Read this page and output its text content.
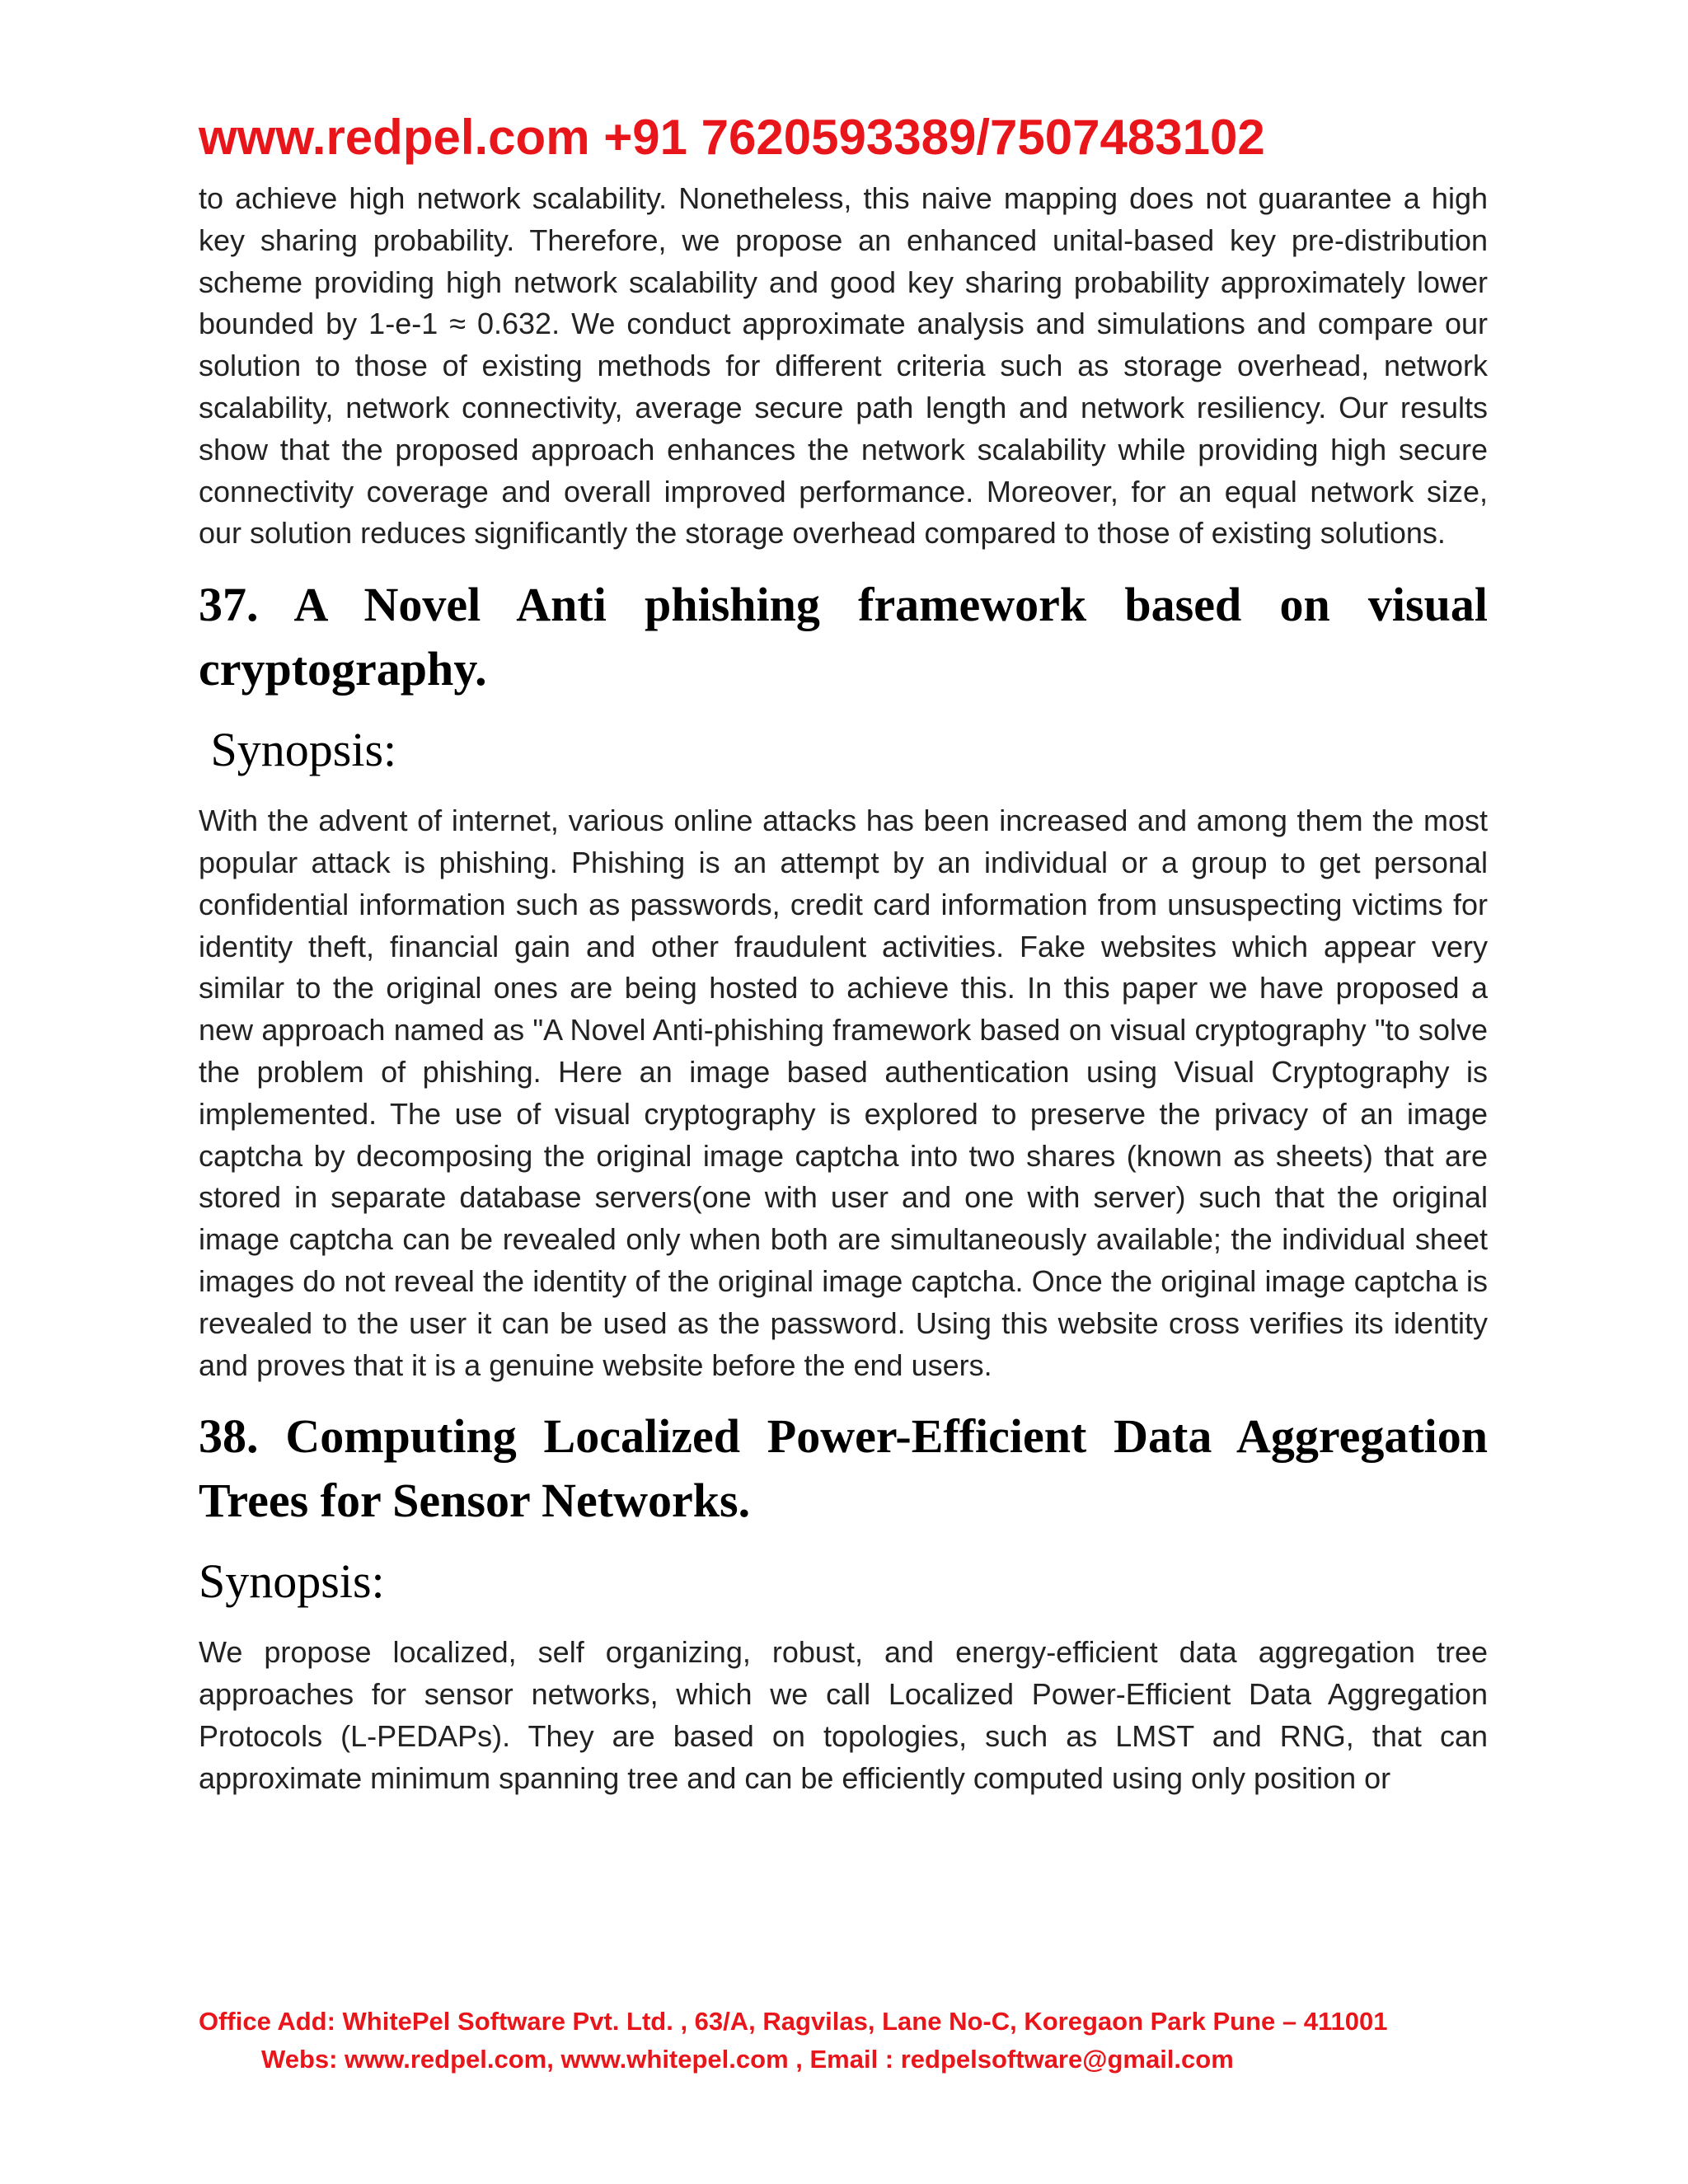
www.redpel.com +91 7620593389/7507483102

to achieve high network scalability. Nonetheless, this naive mapping does not guarantee a high key sharing probability. Therefore, we propose an enhanced unital-based key pre-distribution scheme providing high network scalability and good key sharing probability approximately lower bounded by 1-e-1 ≈ 0.632. We conduct approximate analysis and simulations and compare our solution to those of existing methods for different criteria such as storage overhead, network scalability, network connectivity, average secure path length and network resiliency. Our results show that the proposed approach enhances the network scalability while providing high secure connectivity coverage and overall improved performance. Moreover, for an equal network size, our solution reduces significantly the storage overhead compared to those of existing solutions.

37. A Novel Anti phishing framework based on visual cryptography.

Synopsis:

With the advent of internet, various online attacks has been increased and among them the most popular attack is phishing. Phishing is an attempt by an individual or a group to get personal confidential information such as passwords, credit card information from unsuspecting victims for identity theft, financial gain and other fraudulent activities. Fake websites which appear very similar to the original ones are being hosted to achieve this. In this paper we have proposed a new approach named as "A Novel Anti-phishing framework based on visual cryptography "to solve the problem of phishing. Here an image based authentication using Visual Cryptography is implemented. The use of visual cryptography is explored to preserve the privacy of an image captcha by decomposing the original image captcha into two shares (known as sheets) that are stored in separate database servers(one with user and one with server) such that the original image captcha can be revealed only when both are simultaneously available; the individual sheet images do not reveal the identity of the original image captcha. Once the original image captcha is revealed to the user it can be used as the password. Using this website cross verifies its identity and proves that it is a genuine website before the end users.

38. Computing Localized Power-Efficient Data Aggregation Trees for Sensor Networks.

Synopsis:

We propose localized, self organizing, robust, and energy-efficient data aggregation tree approaches for sensor networks, which we call Localized Power-Efficient Data Aggregation Protocols (L-PEDAPs). They are based on topologies, such as LMST and RNG, that can approximate minimum spanning tree and can be efficiently computed using only position or

Office Add: WhitePel Software Pvt. Ltd. , 63/A, Ragvilas, Lane No-C, Koregaon Park Pune – 411001

Webs: www.redpel.com, www.whitepel.com , Email : redpelsoftware@gmail.com
